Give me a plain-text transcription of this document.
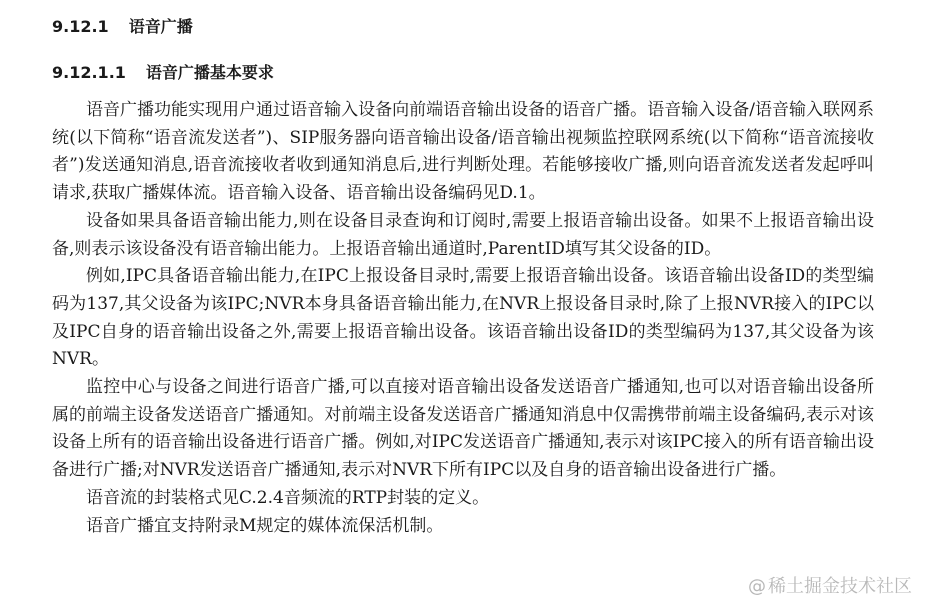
9.12.1 语音广播
9.12.1.1 语音广播基本要求

语音广播功能实现用户通过语音输入设备向前端语音输出设备的语音广播。语音输入设备/语音输入联网系统(以下简称“语音流发送者”)、SIP服务器向语音输出设备/语音输出视频监控联网系统(以下简称“语音流接收者”)发送通知消息,语音流接收者收到通知消息后,进行判断处理。若能够接收广播,则向语音流发送者发起呼叫请求,获取广播媒体流。语音输入设备、语音输出设备编码见D.1。

设备如果具备语音输出能力,则在设备目录查询和订阅时,需要上报语音输出设备。如果不上报语音输出设备,则表示该设备没有语音输出能力。上报语音输出通道时,ParentID填写其父设备的ID。

例如,IPC具备语音输出能力,在IPC上报设备目录时,需要上报语音输出设备。该语音输出设备ID的类型编码为137,其父设备为该IPC;NVR本身具备语音输出能力,在NVR上报设备目录时,除了上报NVR接入的IPC以及IPC自身的语音输出设备之外,需要上报语音输出设备。该语音输出设备ID的类型编码为137,其父设备为该NVR。

监控中心与设备之间进行语音广播,可以直接对语音输出设备发送语音广播通知,也可以对语音输出设备所属的前端主设备发送语音广播通知。对前端主设备发送语音广播通知消息中仅需携带前端主设备编码,表示对该设备上所有的语音输出设备进行语音广播。例如,对IPC发送语音广播通知,表示对该IPC接入的所有语音输出设备进行广播;对NVR发送语音广播通知,表示对NVR下所有IPC以及自身的语音输出设备进行广播。

语音流的封装格式见C.2.4音频流的RTP封装的定义。

语音广播宜支持附录M规定的媒体流保活机制。

@ 稀土掘金技术社区
